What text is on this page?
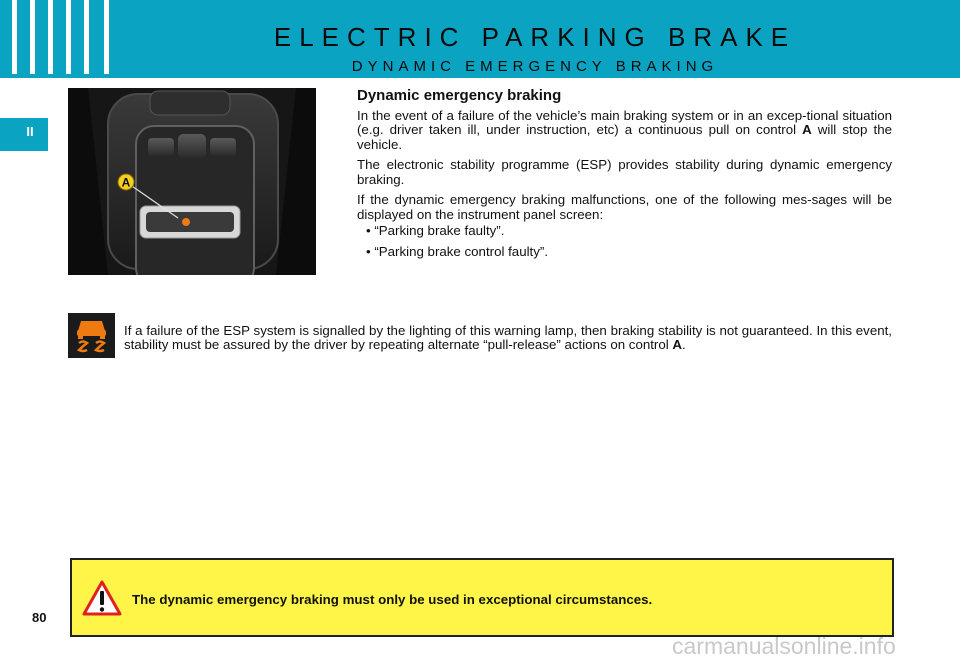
ELECTRIC PARKING BRAKE
DYNAMIC EMERGENCY BRAKING
II
A
Dynamic emergency braking

In the event of a failure of the vehicle’s main braking system or in an excep-tional situation (e.g. driver taken ill, under instruction, etc) a continuous pull on control A will stop the vehicle.

The electronic stability programme (ESP) provides stability during dynamic emergency braking.

If the dynamic emergency braking malfunctions, one of the following mes-sages will be displayed on the instrument panel screen:

• “Parking brake faulty”.

• “Parking brake control faulty”.

If a failure of the ESP system is signalled by the lighting of this warning lamp, then braking stability is not guaranteed. In this event, stability must be assured by the driver by repeating alternate “pull-release” actions on control A.

The dynamic emergency braking must only be used in exceptional circumstances.
80
carmanualsonline.info
